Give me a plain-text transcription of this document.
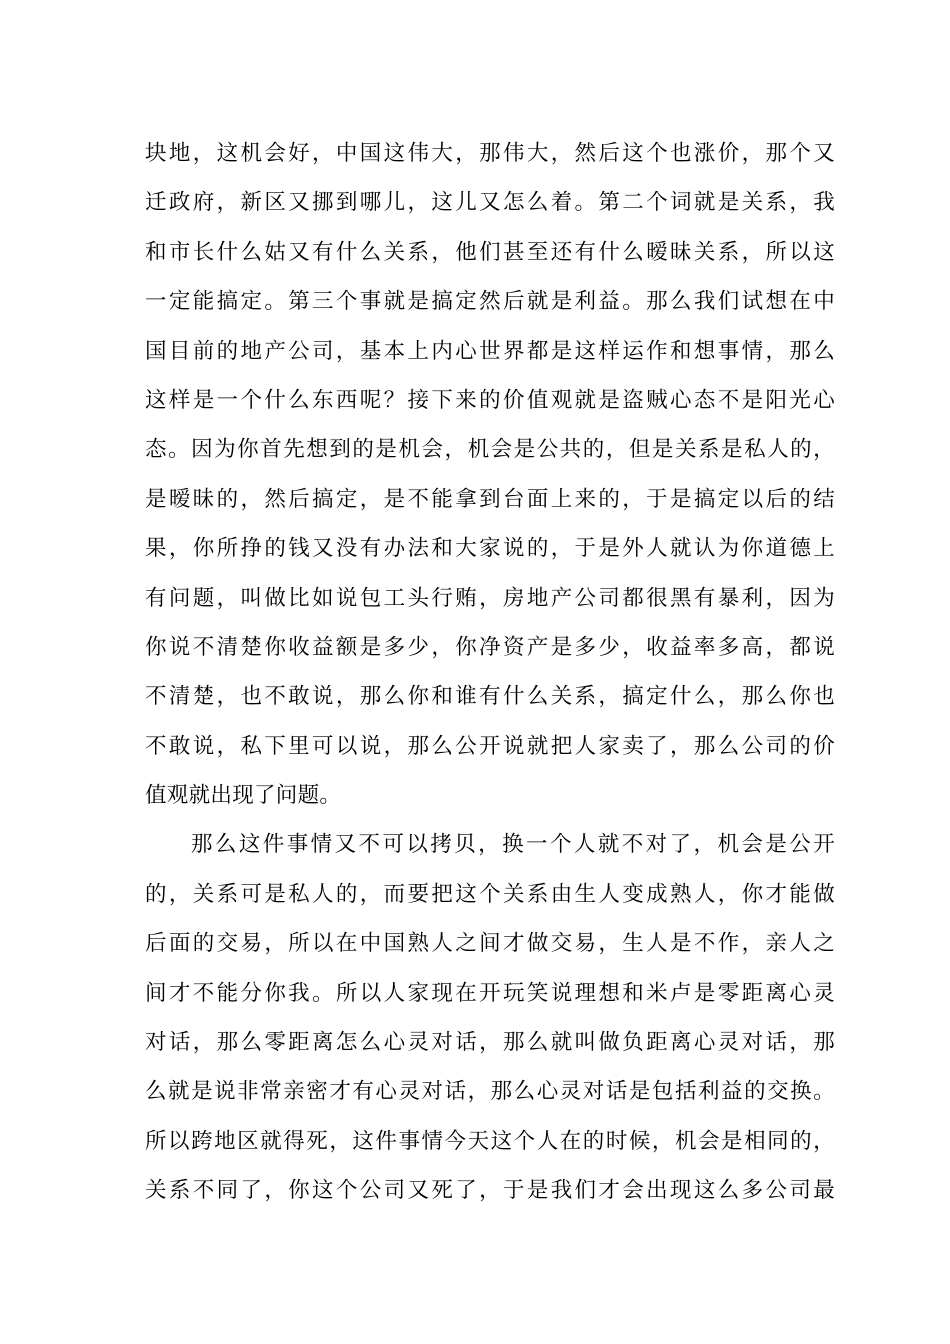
块地，这机会好，中国这伟大，那伟大，然后这个也涨价，那个又
迁政府，新区又挪到哪儿，这儿又怎么着。第二个词就是关系，我
和市长什么姑又有什么关系，他们甚至还有什么暧昧关系，所以这
一定能搞定。第三个事就是搞定然后就是利益。那么我们试想在中
国目前的地产公司，基本上内心世界都是这样运作和想事情，那么
这样是一个什么东西呢？接下来的价值观就是盗贼心态不是阳光心
态。因为你首先想到的是机会，机会是公共的，但是关系是私人的，
是暧昧的，然后搞定，是不能拿到台面上来的，于是搞定以后的结
果，你所挣的钱又没有办法和大家说的，于是外人就认为你道德上
有问题，叫做比如说包工头行贿，房地产公司都很黑有暴利，因为
你说不清楚你收益额是多少，你净资产是多少，收益率多高，都说
不清楚，也不敢说，那么你和谁有什么关系，搞定什么，那么你也
不敢说，私下里可以说，那么公开说就把人家卖了，那么公司的价
值观就出现了问题。
那么这件事情又不可以拷贝，换一个人就不对了，机会是公开
的，关系可是私人的，而要把这个关系由生人变成熟人，你才能做
后面的交易，所以在中国熟人之间才做交易，生人是不作，亲人之
间才不能分你我。所以人家现在开玩笑说理想和米卢是零距离心灵
对话，那么零距离怎么心灵对话，那么就叫做负距离心灵对话，那
么就是说非常亲密才有心灵对话，那么心灵对话是包括利益的交换。
所以跨地区就得死，这件事情今天这个人在的时候，机会是相同的，
关系不同了，你这个公司又死了，于是我们才会出现这么多公司最
